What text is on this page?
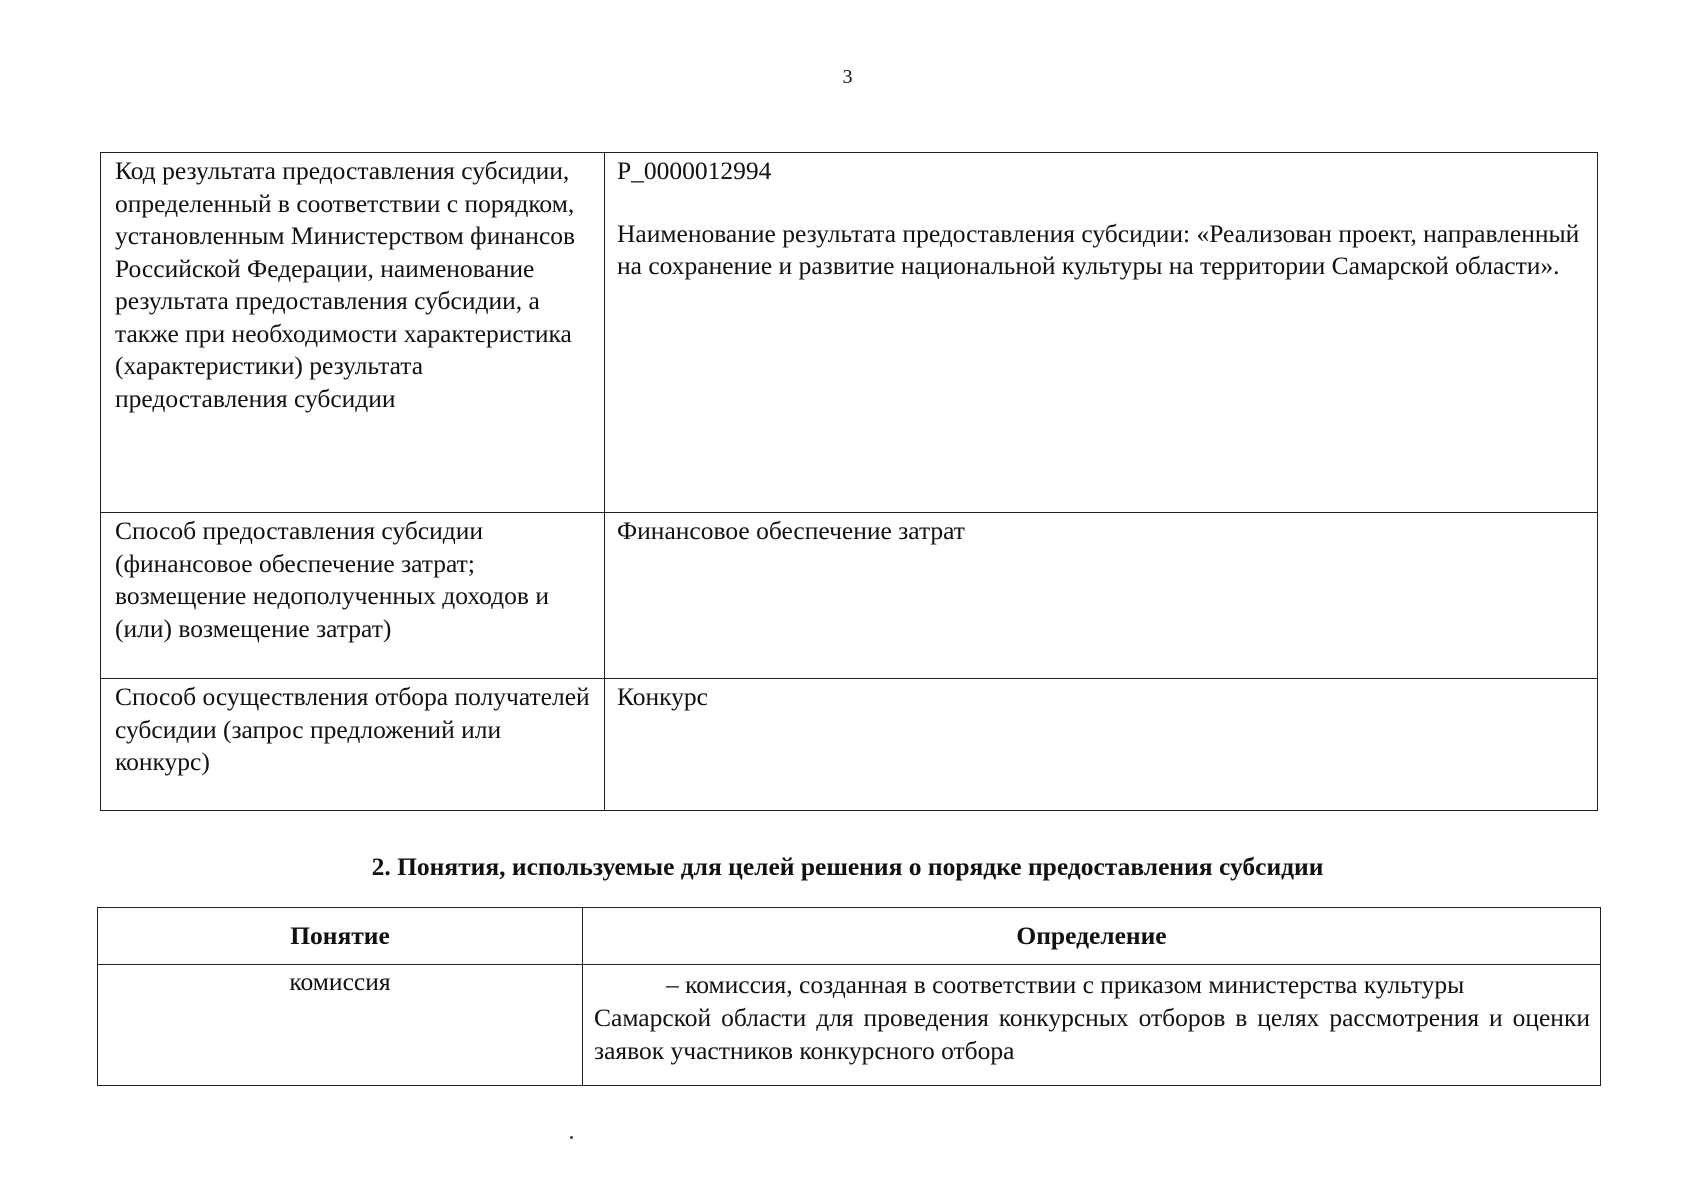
3
Код результата предоставления субсидии, определенный в соответствии с порядком, установленным Министерством финансов Российской Федерации, наименование результата предоставления субсидии, а также при необходимости характеристика (характеристики) результата предоставления субсидии	Р_0000012994
Наименование результата предоставления субсидии: «Реализован проект, направленный на сохранение и развитие национальной культуры на территории Самарской области».

Способ предоставления субсидии (финансовое обеспечение затрат; возмещение недополученных доходов и (или) возмещение затрат)	Финансовое обеспечение затрат
Способ осуществления отбора получателей субсидии (запрос предложений или конкурс)	Конкурс
2. Понятия, используемые для целей решения о порядке предоставления субсидии
Понятие	Определение
комиссия	– комиссия, созданная в соответствии с приказом министерства культуры
Самарской области для проведения конкурсных отборов в целях рассмотрения и оценки заявок участников конкурсного отбора
